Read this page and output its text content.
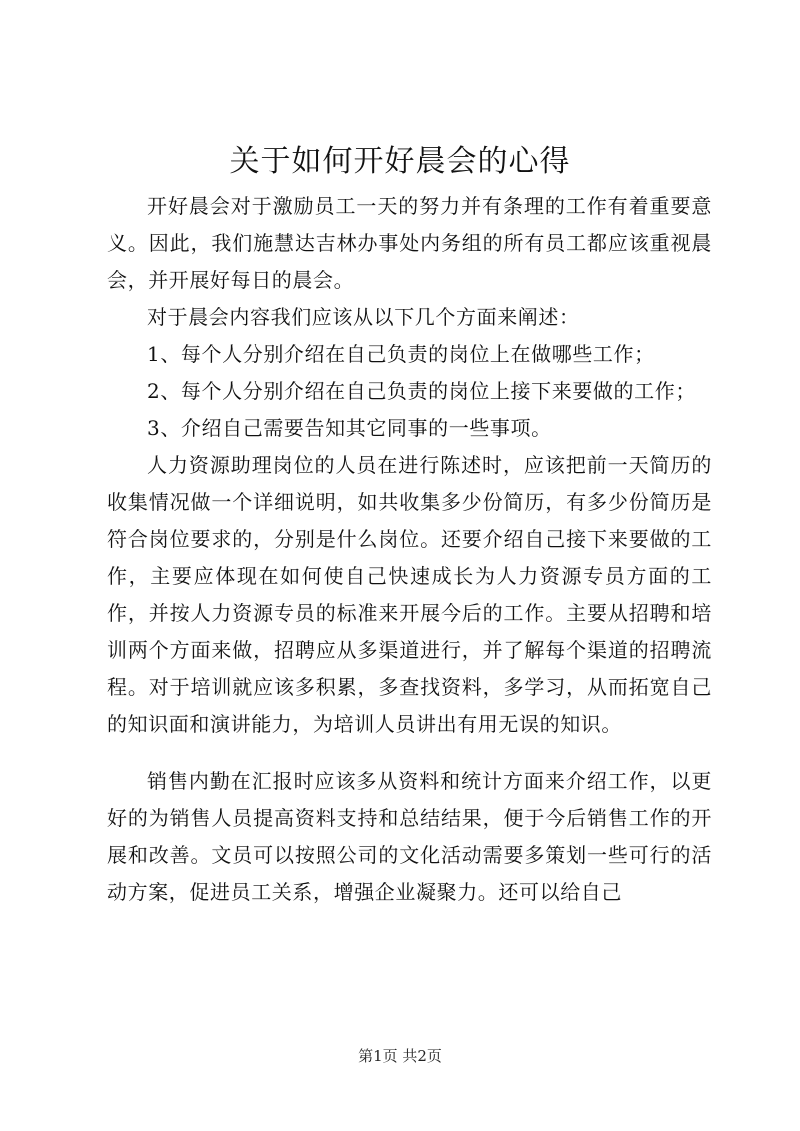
关于如何开好晨会的心得

开好晨会对于激励员工一天的努力并有条理的工作有着重要意义。因此，我们施慧达吉林办事处内务组的所有员工都应该重视晨会，并开展好每日的晨会。

对于晨会内容我们应该从以下几个方面来阐述：

1、每个人分别介绍在自己负责的岗位上在做哪些工作；

2、每个人分别介绍在自己负责的岗位上接下来要做的工作；

3、介绍自己需要告知其它同事的一些事项。

人力资源助理岗位的人员在进行陈述时，应该把前一天简历的收集情况做一个详细说明，如共收集多少份简历，有多少份简历是符合岗位要求的，分别是什么岗位。还要介绍自己接下来要做的工作，主要应体现在如何使自己快速成长为人力资源专员方面的工作，并按人力资源专员的标准来开展今后的工作。主要从招聘和培训两个方面来做，招聘应从多渠道进行，并了解每个渠道的招聘流程。对于培训就应该多积累，多查找资料，多学习，从而拓宽自己的知识面和演讲能力，为培训人员讲出有用无误的知识。

销售内勤在汇报时应该多从资料和统计方面来介绍工作，以更好的为销售人员提高资料支持和总结结果，便于今后销售工作的开展和改善。文员可以按照公司的文化活动需要多策划一些可行的活动方案，促进员工关系，增强企业凝聚力。还可以给自己

第1页 共2页
